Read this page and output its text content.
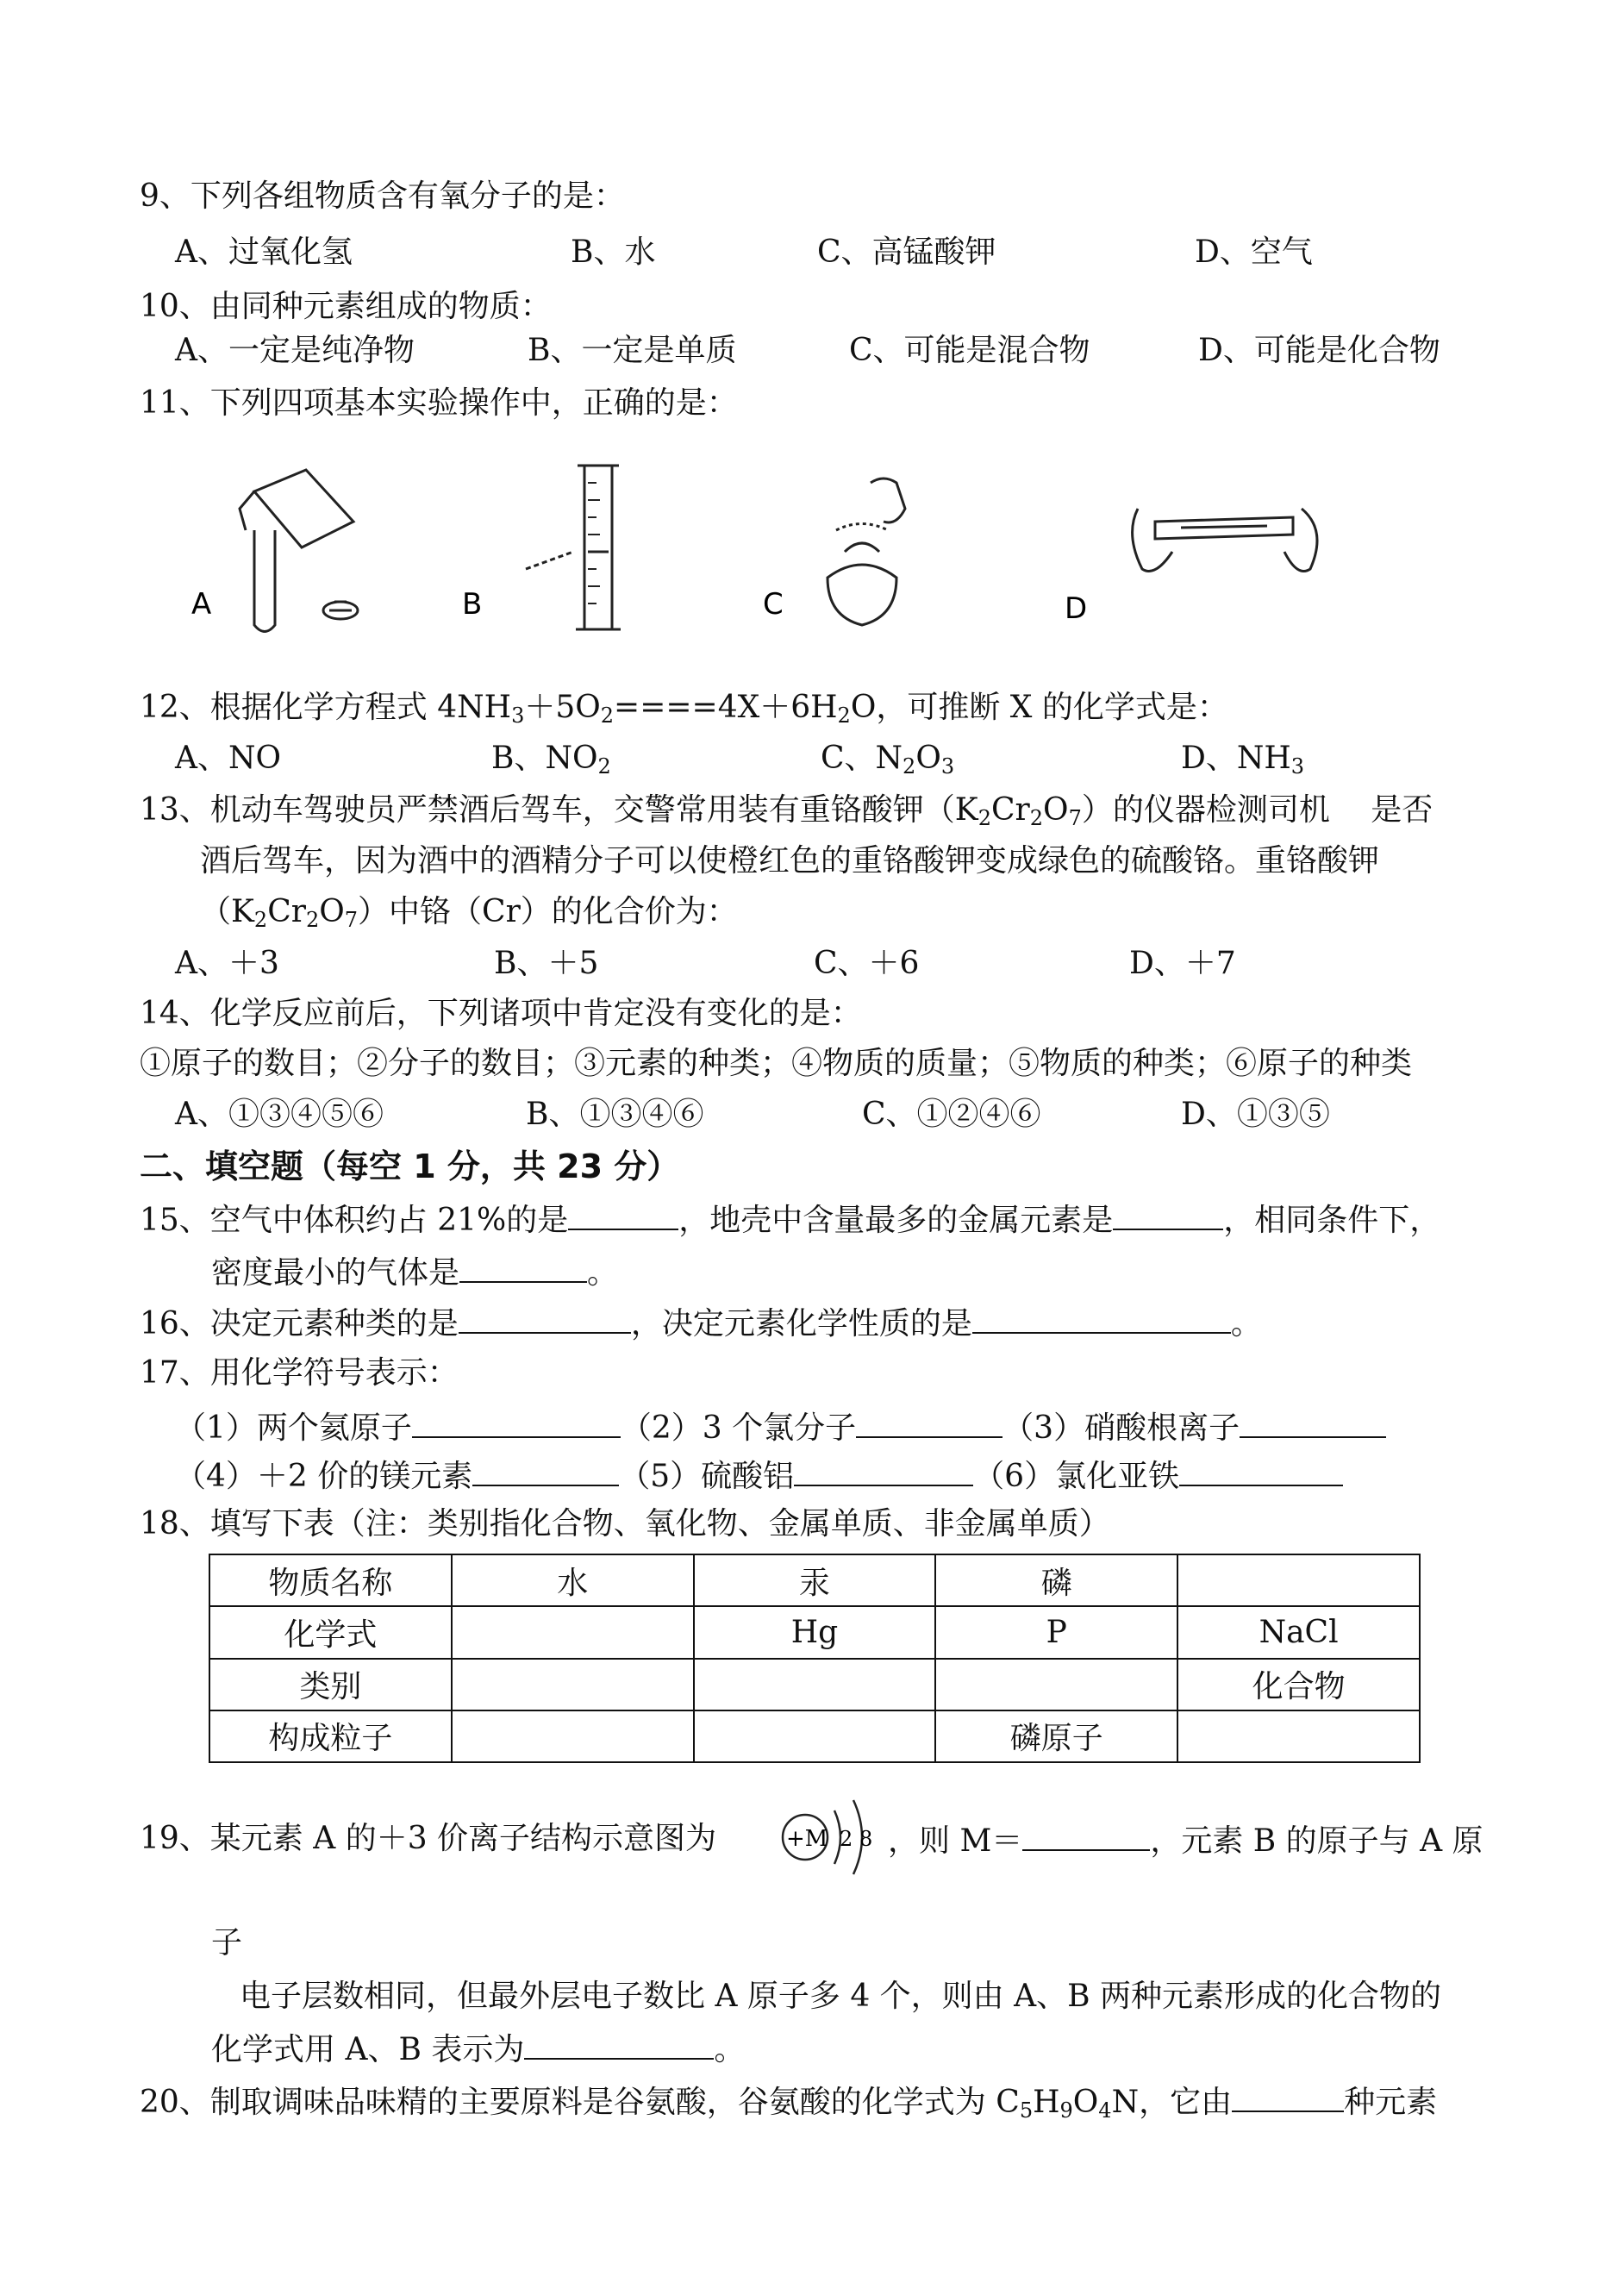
9、下列各组物质含有氧分子的是：
A、过氧化氢	B、水	C、高锰酸钾	D、空气
10、由同种元素组成的物质：
A、一定是纯净物	B、一定是单质	C、可能是混合物	D、可能是化合物
11、下列四项基本实验操作中，正确的是：
A	B	C	D
12、根据化学方程式 $4NH_3+5O_2====4X+6H_2O$，可推断 X 的化学式是：
A、NO	B、$NO_2$	C、$N_2O_3$	D、$NH_3$
13、机动车驾驶员严禁酒后驾车，交警常用装有重铬酸钾$(K_2Cr_2O_7)$的仪器检测司机　 是否
酒后驾车，因为酒中的酒精分子可以使橙红色的重铬酸钾变成绿色的硫酸铬。重铬酸钾
$(K_2Cr_2O_7)$中铬（Cr）的化合价为：
A、＋3	B、＋5	C、＋6	D、＋7
14、化学反应前后，下列诸项中肯定没有变化的是：
①原子的数目；②分子的数目；③元素的种类；④物质的质量；⑤物质的种类；⑥原子的种类
A、①③④⑤⑥	B、①③④⑥	C、①②④⑥	D、①③⑤
二、填空题（每空 1 分，共 23 分）
15、空气中体积约占 21%的是	，地壳中含量最多的金属元素是	，相同条件下，
密度最小的气体是	。
16、决定元素种类的是	，决定元素化学性质的是	。
17、用化学符号表示：
（1）两个氦原子	（2）3 个氯分子	（3）硝酸根离子
（4）＋2 价的镁元素	（5）硫酸铝	（6）氯化亚铁
18、填写下表（注：类别指化合物、氧化物、金属单质、非金属单质）
物质名称	水	汞	磷	
化学式		Hg	P	NaCl
类别				化合物
构成粒子			磷原子	
19、某元素 A 的＋3 价离子结构示意图为	+M 2 8 ，则 M＝	，元素 B 的原子与 A 原
子
电子层数相同，但最外层电子数比 A 原子多 4 个，则由 A、B 两种元素形成的化合物的
化学式用 A、B 表示为	。
20、制取调味品味精的主要原料是谷氨酸，谷氨酸的化学式为 $C_5H_9O_4N$，它由	种元素
